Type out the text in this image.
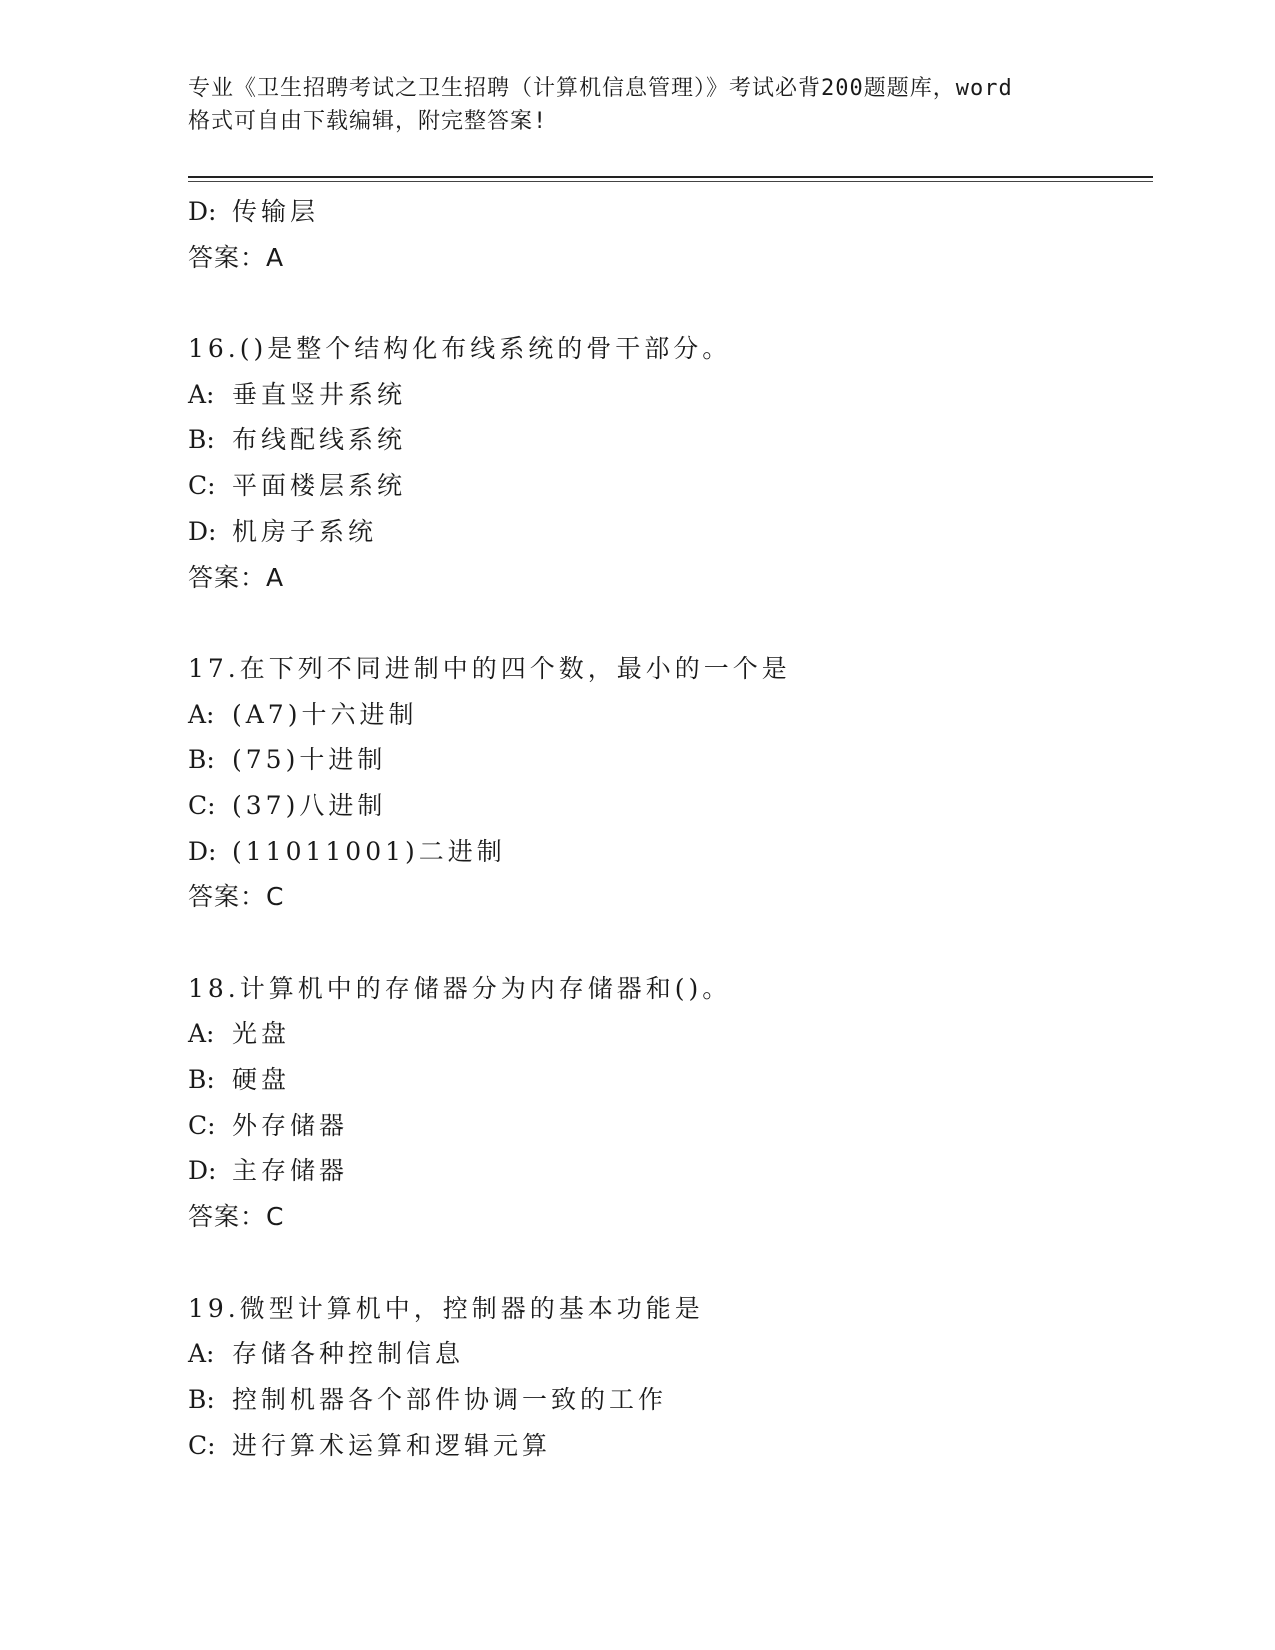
专业《卫生招聘考试之卫生招聘（计算机信息管理）》考试必背200题题库，word
格式可自由下载编辑，附完整答案!
D: 传输层
答案：A
16.()是整个结构化布线系统的骨干部分。
A: 垂直竖井系统
B: 布线配线系统
C: 平面楼层系统
D: 机房子系统
答案：A
17.在下列不同进制中的四个数，最小的一个是
A: (A7)十六进制
B: (75)十进制
C: (37)八进制
D: (11011001)二进制
答案：C
18.计算机中的存储器分为内存储器和()。
A: 光盘
B: 硬盘
C: 外存储器
D: 主存储器
答案：C
19.微型计算机中，控制器的基本功能是
A: 存储各种控制信息
B: 控制机器各个部件协调一致的工作
C: 进行算术运算和逻辑元算
